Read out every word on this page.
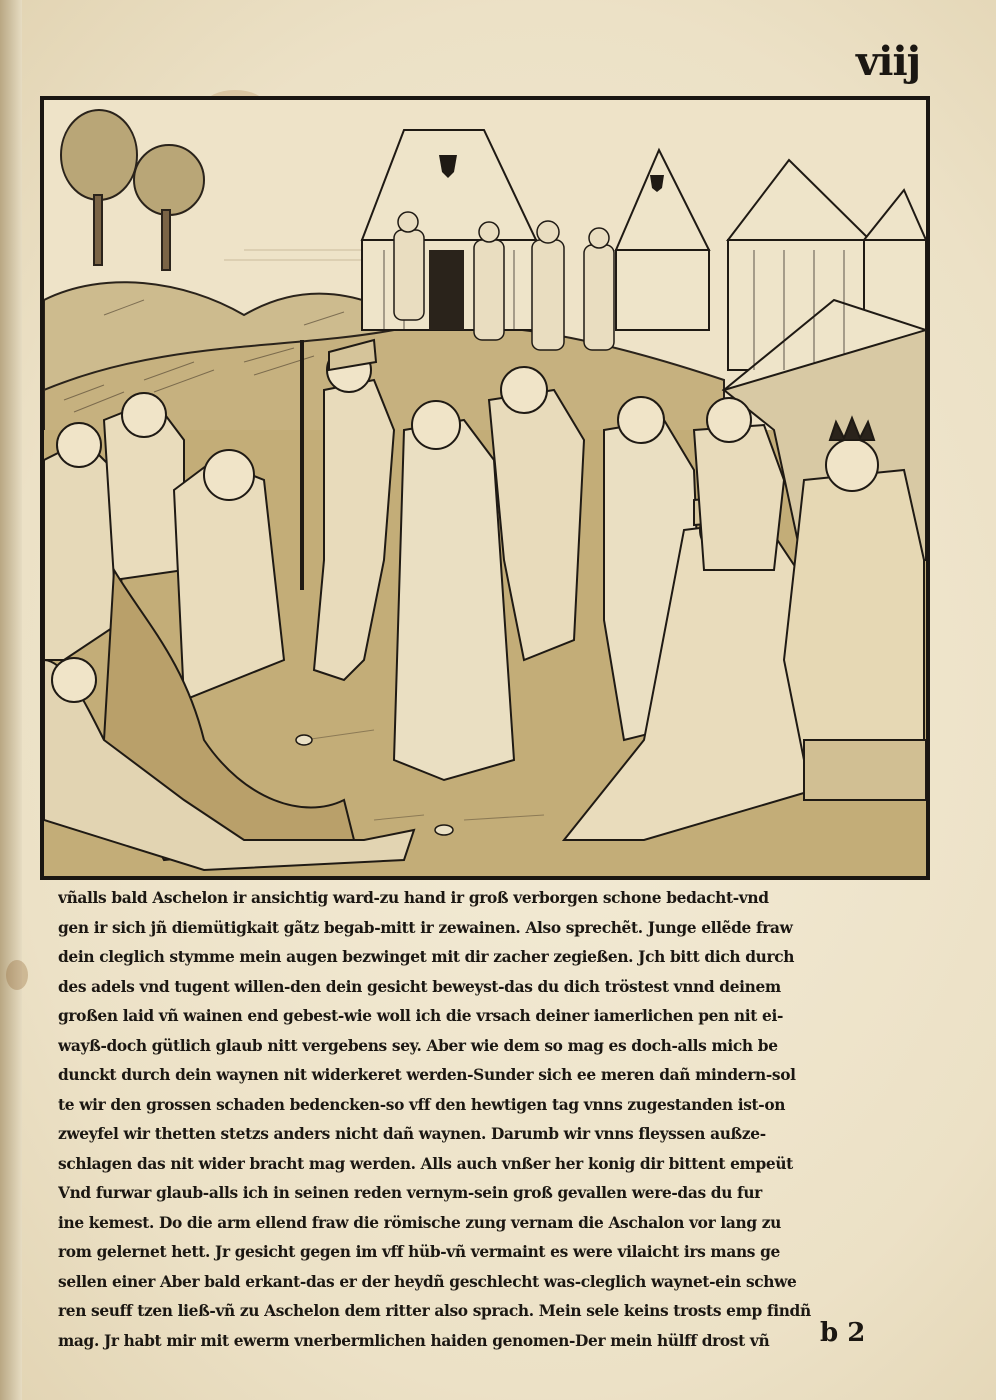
viij
vñalls bald Aschelon ir ansichtig ward-zu hand ir groß verborgen schone bedacht-vnd
gen ir sich jñ diemütigkait gãtz begab-mitt ir zewainen. Also sprechẽt. Junge ellẽde fraw
dein cleglich stymme mein augen bezwinget mit dir zacher zegießen. Jch bitt dich durch
des adels vnd tugent willen-den dein gesicht beweyst-das du dich tröstest vnnd deinem
großen laid vñ wainen end gebest-wie woll ich die vrsach deiner iamerlichen pen nit ei-
wayß-doch gütlich glaub nitt vergebens sey. Aber wie dem so mag es doch-alls mich be
dunckt durch dein waynen nit widerkeret werden-Sunder sich ee meren dañ mindern-sol
te wir den grossen schaden bedencken-so vff den hewtigen tag vnns zugestanden ist-on
zweyfel wir thetten stetzs anders nicht dañ waynen. Darumb wir vnns fleyssen außze-
schlagen das nit wider bracht mag werden. Alls auch vnßer her konig dir bittent empeüt
Vnd furwar glaub-alls ich in seinen reden vernym-sein groß gevallen were-das du fur
ine kemest. Do die arm ellend fraw die römische zung vernam die Aschalon vor lang zu
rom gelernet hett. Jr gesicht gegen im vff hüb-vñ vermaint es were vilaicht irs mans ge
sellen einer Aber bald erkant-das er der heydñ geschlecht was-cleglich waynet-ein schwe
ren seuff tzen ließ-vñ zu Aschelon dem ritter also sprach. Mein sele keins trosts emp findñ
mag. Jr habt mir mit ewerm vnerbermlichen haiden genomen-Der mein hülff drost vñ	b 2
